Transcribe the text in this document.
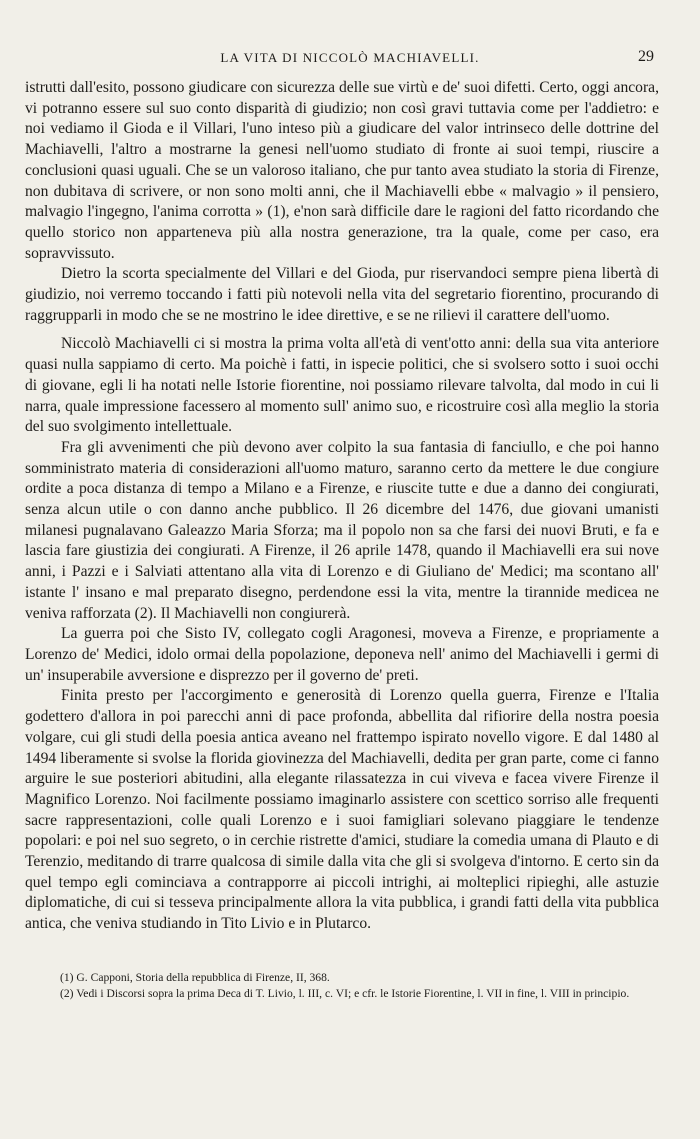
LA VITA DI NICCOLÒ MACHIAVELLI.	29

istrutti dall'esito, possono giudicare con sicurezza delle sue virtù e de' suoi difetti. Certo, oggi ancora, vi potranno essere sul suo conto disparità di giudizio; non così gravi tuttavia come per l'addietro: e noi vediamo il Gioda e il Villari, l'uno inteso più a giudicare del valor intrinseco delle dottrine del Machiavelli, l'altro a mostrarne la genesi nell'uomo studiato di fronte ai suoi tempi, riuscire a conclusioni quasi uguali. Che se un valoroso italiano, che pur tanto avea studiato la storia di Firenze, non dubitava di scrivere, or non sono molti anni, che il Machiavelli ebbe « malvagio » il pensiero, malvagio l'ingegno, l'anima corrotta » (1), e'non sarà difficile dare le ragioni del fatto ricordando che quello storico non apparteneva più alla nostra generazione, tra la quale, come per caso, era sopravvissuto.

Dietro la scorta specialmente del Villari e del Gioda, pur riservandoci sempre piena libertà di giudizio, noi verremo toccando i fatti più notevoli nella vita del segretario fiorentino, procurando di raggrupparli in modo che se ne mostrino le idee direttive, e se ne rilievi il carattere dell'uomo.

Niccolò Machiavelli ci si mostra la prima volta all'età di vent'otto anni: della sua vita anteriore quasi nulla sappiamo di certo. Ma poichè i fatti, in ispecie politici, che si svolsero sotto i suoi occhi di giovane, egli li ha notati nelle Istorie fiorentine, noi possiamo rilevare talvolta, dal modo in cui li narra, quale impressione facessero al momento sull' animo suo, e ricostruire così alla meglio la storia del suo svolgimento intellettuale.

Fra gli avvenimenti che più devono aver colpito la sua fantasia di fanciullo, e che poi hanno somministrato materia di considerazioni all'uomo maturo, saranno certo da mettere le due congiure ordite a poca distanza di tempo a Milano e a Firenze, e riuscite tutte e due a danno dei congiurati, senza alcun utile o con danno anche pubblico. Il 26 dicembre del 1476, due giovani umanisti milanesi pugnalavano Galeazzo Maria Sforza; ma il popolo non sa che farsi dei nuovi Bruti, e fa e lascia fare giustizia dei congiurati. A Firenze, il 26 aprile 1478, quando il Machiavelli era sui nove anni, i Pazzi e i Salviati attentano alla vita di Lorenzo e di Giuliano de' Medici; ma scontano all' istante l' insano e mal preparato disegno, perdendone essi la vita, mentre la tirannide medicea ne veniva rafforzata (2). Il Machiavelli non congiurerà.

La guerra poi che Sisto IV, collegato cogli Aragonesi, moveva a Firenze, e propriamente a Lorenzo de' Medici, idolo ormai della popolazione, deponeva nell' animo del Machiavelli i germi di un' insuperabile avversione e disprezzo per il governo de' preti.

Finita presto per l'accorgimento e generosità di Lorenzo quella guerra, Firenze e l'Italia godettero d'allora in poi parecchi anni di pace profonda, abbellita dal rifiorire della nostra poesia volgare, cui gli studi della poesia antica aveano nel frattempo ispirato novello vigore. E dal 1480 al 1494 liberamente si svolse la florida giovinezza del Machiavelli, dedita per gran parte, come ci fanno arguire le sue posteriori abitudini, alla elegante rilassatezza in cui viveva e facea vivere Firenze il Magnifico Lorenzo. Noi facilmente possiamo imaginarlo assistere con scettico sorriso alle frequenti sacre rappresentazioni, colle quali Lorenzo e i suoi famigliari solevano piaggiare le tendenze popolari: e poi nel suo segreto, o in cerchie ristrette d'amici, studiare la comedia umana di Plauto e di Terenzio, meditando di trarre qualcosa di simile dalla vita che gli si svolgeva d'intorno. E certo sin da quel tempo egli cominciava a contrapporre ai piccoli intrighi, ai molteplici ripieghi, alle astuzie diplomatiche, di cui si tesseva principalmente allora la vita pubblica, i grandi fatti della vita pubblica antica, che veniva studiando in Tito Livio e in Plutarco.

(1) G. Capponi, Storia della repubblica di Firenze, II, 368.

(2) Vedi i Discorsi sopra la prima Deca di T. Livio, l. III, c. VI; e cfr. le Istorie Fiorentine, l. VII in fine, l. VIII in principio.
